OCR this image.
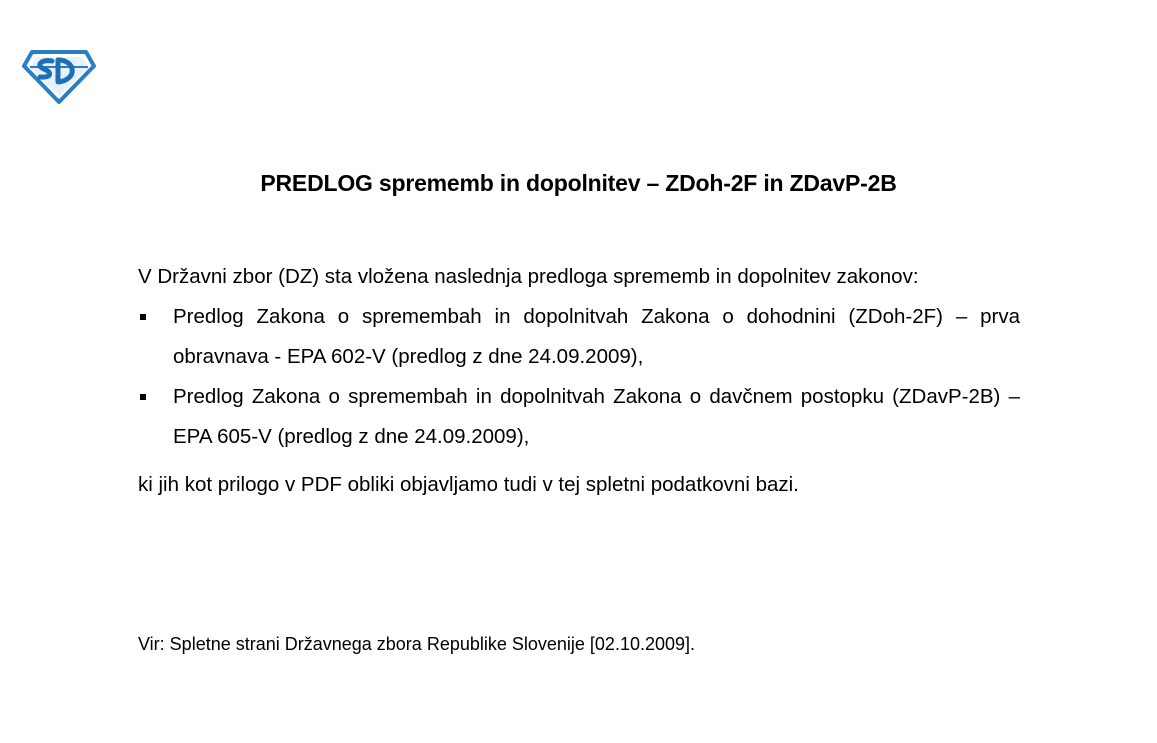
PREDLOG sprememb in dopolnitev – ZDoh-2F in ZDavP-2B

V Državni zbor (DZ) sta vložena naslednja predloga sprememb in dopolnitev zakonov:

Predlog Zakona o spremembah in dopolnitvah Zakona o dohodnini (ZDoh-2F) – prva obravnava - EPA 602-V (predlog z dne 24.09.2009),
Predlog Zakona o spremembah in dopolnitvah Zakona o davčnem postopku (ZDavP-2B) – EPA 605-V (predlog z dne 24.09.2009),

ki jih kot prilogo v PDF obliki objavljamo tudi v tej spletni podatkovni bazi.

Vir: Spletne strani Državnega zbora Republike Slovenije [02.10.2009].
